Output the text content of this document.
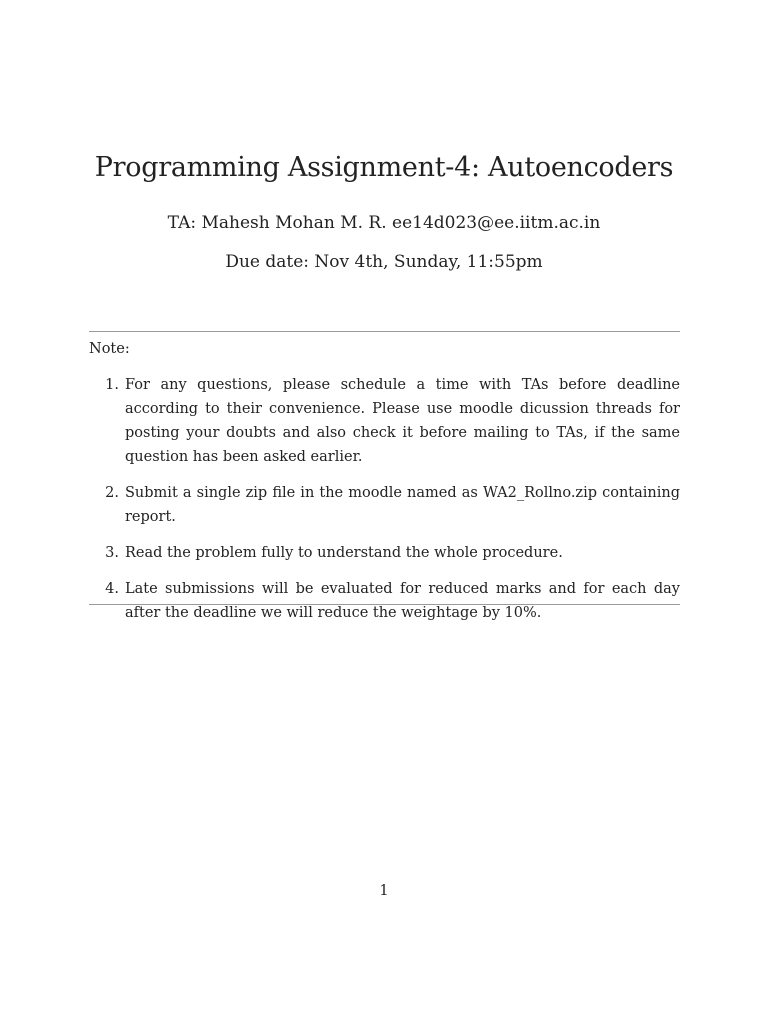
Programming Assignment-4: Autoencoders
TA: Mahesh Mohan M. R. ee14d023@ee.iitm.ac.in
Due date: Nov 4th, Sunday, 11:55pm
Note:
1. For any questions, please schedule a time with TAs before deadline according to their convenience. Please use moodle dicussion threads for posting your doubts and also check it before mailing to TAs, if the same question has been asked earlier.
2. Submit a single zip file in the moodle named as WA2_Rollno.zip containing report.
3. Read the problem fully to understand the whole procedure.
4. Late submissions will be evaluated for reduced marks and for each day after the deadline we will reduce the weightage by 10%.
1
